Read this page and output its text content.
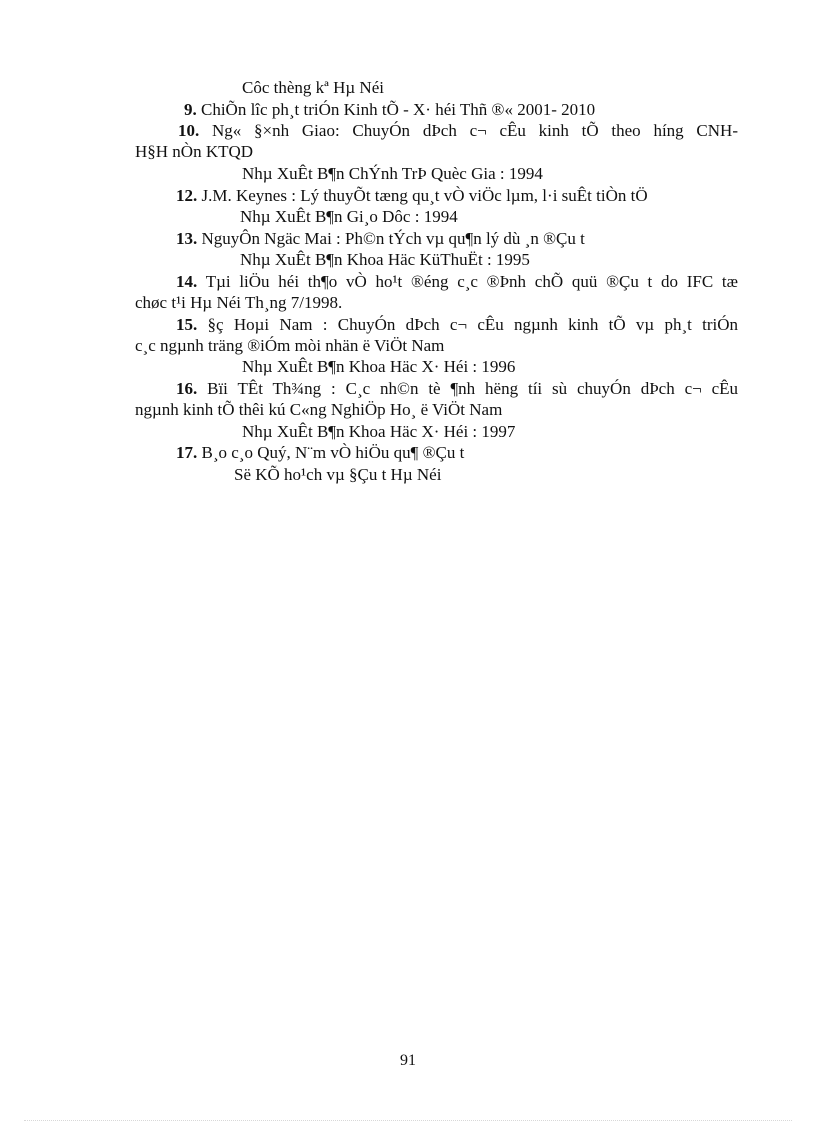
Côc thèng kª Hµ Néi
9. ChiÕn lîc ph¸t triÓn Kinh tÕ - X· héi Thñ ®« 2001- 2010
10. Ng« §×nh Giao: ChuyÓn dÞch c¬ cÊu kinh tÕ theo híng CNH-
H§H nÒn KTQD
Nhµ XuÊt B¶n ChÝnh TrÞ Quèc Gia : 1994
12. J.M. Keynes : Lý thuyÕt tæng qu¸t vÒ viÖc lµm, l·i suÊt tiÒn tÖ
Nhµ XuÊt B¶n Gi¸o Dôc : 1994
13. NguyÔn Ngäc Mai : Ph©n tÝch vµ qu¶n lý dù ¸n ®Çu t
Nhµ XuÊt B¶n Khoa Häc KüThuËt : 1995
14. Tµi liÖu héi th¶o vÒ ho¹t ®éng c¸c ®Þnh chÕ quü ®Çu t do IFC tæ
chøc t¹i Hµ Néi Th¸ng 7/1998.
15. §ç Hoµi Nam : ChuyÓn dÞch c¬ cÊu ngµnh kinh tÕ vµ ph¸t triÓn
c¸c ngµnh träng ®iÓm mòi nhän ë ViÖt Nam
Nhµ XuÊt B¶n Khoa Häc X· Héi : 1996
16. Bïi TÊt Th¾ng : C¸c nh©n tè ¶nh hëng tíi sù chuyÓn dÞch c¬ cÊu
ngµnh kinh tÕ thêi kú C«ng NghiÖp Ho¸ ë ViÖt Nam
Nhµ XuÊt B¶n Khoa Häc X· Héi : 1997
17. B¸o c¸o Quý, N¨m vÒ hiÖu qu¶ ®Çu t
Së KÕ ho¹ch vµ §Çu t Hµ Néi
91
